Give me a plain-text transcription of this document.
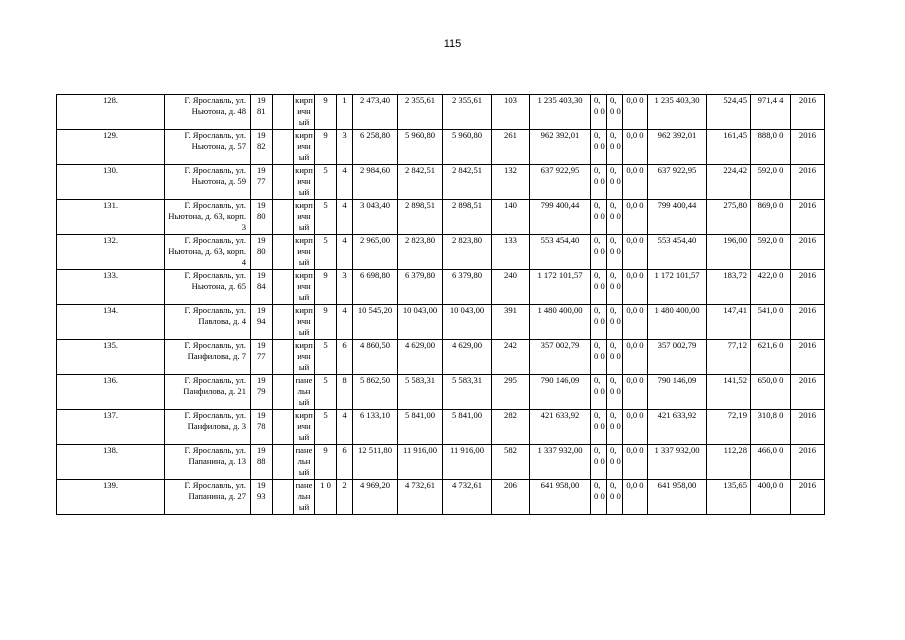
115
128.	Г. Ярославль, ул. Ньютона, д. 48	19 81		кирпичн ый	9	1	2 473,40	2 355,61	2 355,61	103	1 235 403,30	0, 0 0	0, 0 0	0,0 0	1 235 403,30	524,45	971,4 4	2016
129.	Г. Ярославль, ул. Ньютона, д. 57	19 82		кирпичн ый	9	3	6 258,80	5 960,80	5 960,80	261	962 392,01	0, 0 0	0, 0 0	0,0 0	962 392,01	161,45	888,0 0	2016
130.	Г. Ярославль, ул. Ньютона, д. 59	19 77		кирпичн ый	5	4	2 984,60	2 842,51	2 842,51	132	637 922,95	0, 0 0	0, 0 0	0,0 0	637 922,95	224,42	592,0 0	2016
131.	Г. Ярославль, ул. Ньютона, д. 63, корп. 3	19 80		кирпичн ый	5	4	3 043,40	2 898,51	2 898,51	140	799 400,44	0, 0 0	0, 0 0	0,0 0	799 400,44	275,80	869,0 0	2016
132.	Г. Ярославль, ул. Ньютона, д. 63, корп. 4	19 80		кирпичн ый	5	4	2 965,00	2 823,80	2 823,80	133	553 454,40	0, 0 0	0, 0 0	0,0 0	553 454,40	196,00	592,0 0	2016
133.	Г. Ярославль, ул. Ньютона, д. 65	19 84		кирпичн ый	9	3	6 698,80	6 379,80	6 379,80	240	1 172 101,57	0, 0 0	0, 0 0	0,0 0	1 172 101,57	183,72	422,0 0	2016
134.	Г. Ярославль, ул. Павлова, д. 4	19 94		кирпичн ый	9	4	10 545,20	10 043,00	10 043,00	391	1 480 400,00	0, 0 0	0, 0 0	0,0 0	1 480 400,00	147,41	541,0 0	2016
135.	Г. Ярославль, ул. Панфилова, д. 7	19 77		кирпичн ый	5	6	4 860,50	4 629,00	4 629,00	242	357 002,79	0, 0 0	0, 0 0	0,0 0	357 002,79	77,12	621,6 0	2016
136.	Г. Ярославль, ул. Панфилова, д. 21	19 79		панельн ый	5	8	5 862,50	5 583,31	5 583,31	295	790 146,09	0, 0 0	0, 0 0	0,0 0	790 146,09	141,52	650,0 0	2016
137.	Г. Ярославль, ул. Панфилова, д. 3	19 78		кирпичн ый	5	4	6 133,10	5 841,00	5 841,00	282	421 633,92	0, 0 0	0, 0 0	0,0 0	421 633,92	72,19	310,8 0	2016
138.	Г. Ярославль, ул. Папанина, д. 13	19 88		панельн ый	9	6	12 511,80	11 916,00	11 916,00	582	1 337 932,00	0, 0 0	0, 0 0	0,0 0	1 337 932,00	112,28	466,0 0	2016
139.	Г. Ярославль, ул. Папанина, д. 27	19 93		панельн ый	1 0	2	4 969,20	4 732,61	4 732,61	206	641 958,00	0, 0 0	0, 0 0	0,0 0	641 958,00	135,65	400,0 0	2016
